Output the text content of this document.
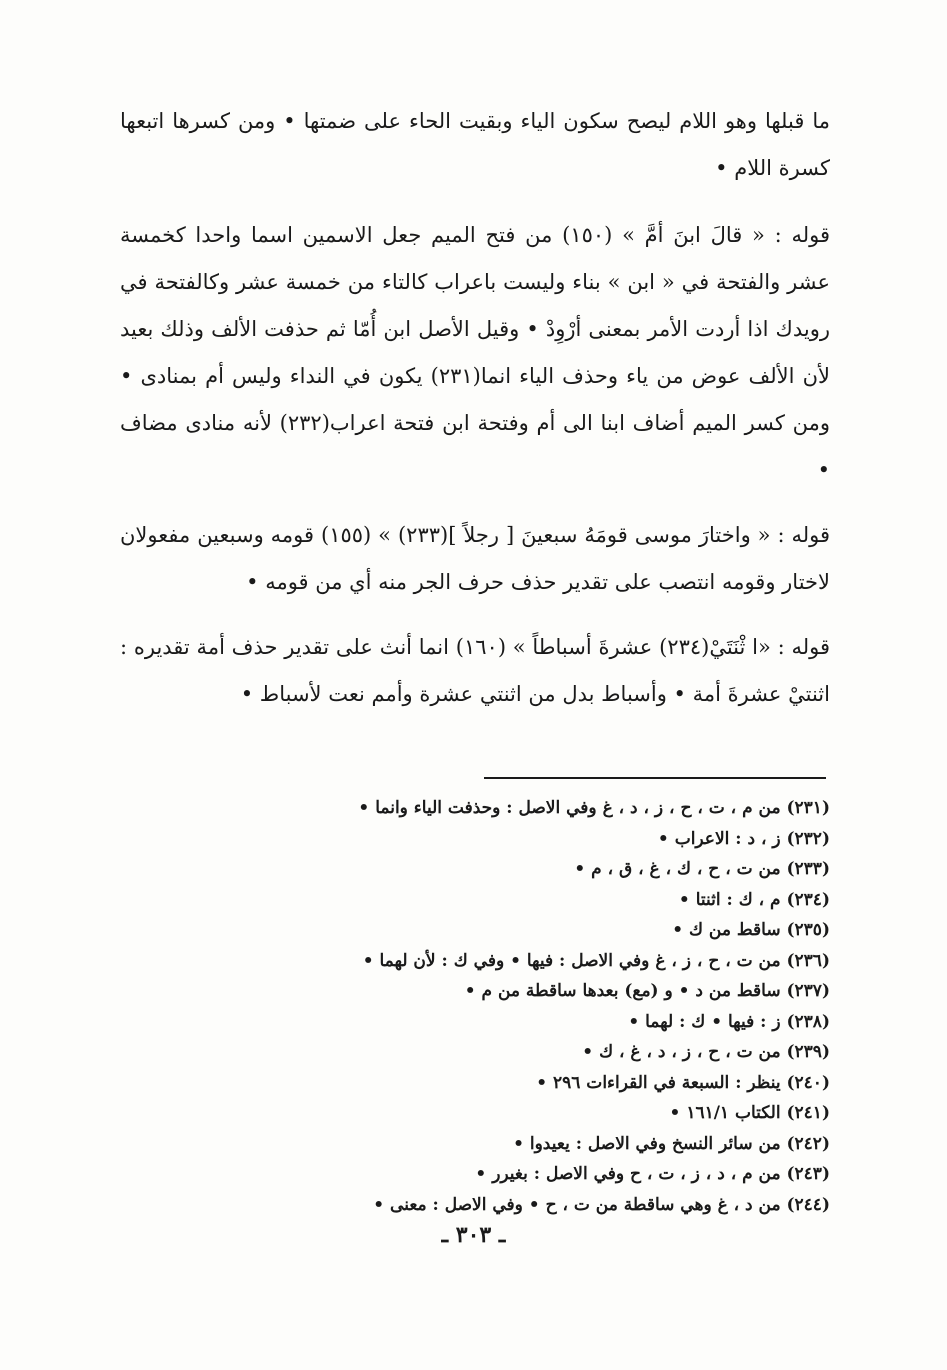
ما قبلها وهو اللام ليصح سكون الياء وبقيت الحاء على ضمتها • ومن كسرها اتبعها كسرة اللام •

قوله : « قالَ ابنَ أمَّ » (١٥٠) من فتح الميم جعل الاسمين اسما واحدا كخمسة عشر والفتحة في « ابن » بناء وليست باعراب كالتاء من خمسة عشر وكالفتحة في رويدك اذا أردت الأمر بمعنى أرْوِدْ • وقيل الأصل ابن أُمّا ثم حذفت الألف وذلك بعيد لأن الألف عوض من ياء وحذف الياء انما(٢٣١) يكون في النداء وليس أم بمنادى • ومن كسر الميم أضاف ابنا الى أم وفتحة ابن فتحة اعراب(٢٣٢) لأنه منادى مضاف •

قوله : « واختارَ موسى قومَهُ سبعينَ [ رجلاً ](٢٣٣) » (١٥٥) قومه وسبعين مفعولان لاختار وقومه انتصب على تقدير حذف حرف الجر منه أي من قومه •

قوله : «ا ثْنَتَيْ(٢٣٤) عشرةَ أسباطاً » (١٦٠) انما أنث على تقدير حذف أمة تقديره : اثنتيْ عشرةَ أمة • وأسباط بدل من اثنتي عشرة وأمم نعت لأسباط •

(٢٣١) من م ، ت ، ح ، ز ، د ، غ وفي الاصل : وحذفت الياء وانما •
(٢٣٢) ز ، د : الاعراب •
(٢٣٣) من ت ، ح ، ك ، غ ، ق ، م •
(٢٣٤) م ، ك : اثنتا •
(٢٣٥) ساقط من ك •
(٢٣٦) من ت ، ح ، ز ، غ وفي الاصل : فيها • وفي ك : لأن لهما •
(٢٣٧) ساقط من د • و (مع) بعدها ساقطة من م •
(٢٣٨) ز : فيها • ك : لهما •
(٢٣٩) من ت ، ح ، ز ، د ، غ ، ك •
(٢٤٠) ينظر : السبعة في القراءات ٢٩٦ •
(٢٤١) الكتاب ١٦١/١ •
(٢٤٢) من سائر النسخ وفي الاصل : يعيدوا •
(٢٤٣) من م ، د ، ز ، ت ، ح وفي الاصل : بغيرر •
(٢٤٤) من د ، غ وهي ساقطة من ت ، ح • وفي الاصل : معنى •
ـ ٣٠٣ ـ
